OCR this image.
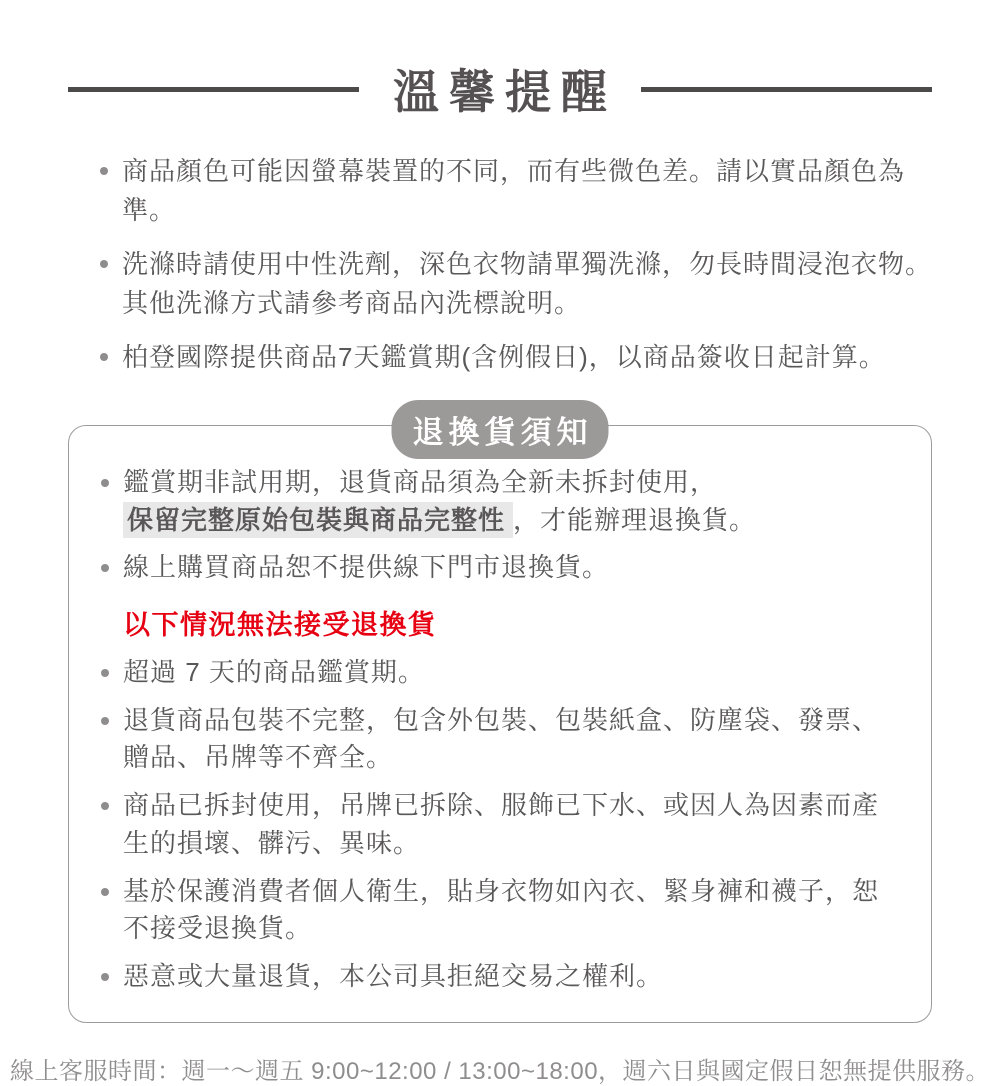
溫馨提醒
商品顏色可能因螢幕裝置的不同，而有些微色差。請以實品顏色為準。
洗滌時請使用中性洗劑，深色衣物請單獨洗滌，勿長時間浸泡衣物。
其他洗滌方式請參考商品內洗標說明。
柏登國際提供商品7天鑑賞期(含例假日)，以商品簽收日起計算。
退換貨須知
鑑賞期非試用期，退貨商品須為全新未拆封使用，
保留完整原始包裝與商品完整性 ，才能辦理退換貨。
線上購買商品恕不提供線下門市退換貨。
以下情況無法接受退換貨
超過 7 天的商品鑑賞期。
退貨商品包裝不完整，包含外包裝、包裝紙盒、防塵袋、發票、
贈品、吊牌等不齊全。
商品已拆封使用，吊牌已拆除、服飾已下水、或因人為因素而產
生的損壞、髒污、異味。
基於保護消費者個人衛生，貼身衣物如內衣、緊身褲和襪子，恕
不接受退換貨。
惡意或大量退貨，本公司具拒絕交易之權利。
線上客服時間：週一～週五 9:00~12:00 / 13:00~18:00，週六日與國定假日恕無提供服務。
